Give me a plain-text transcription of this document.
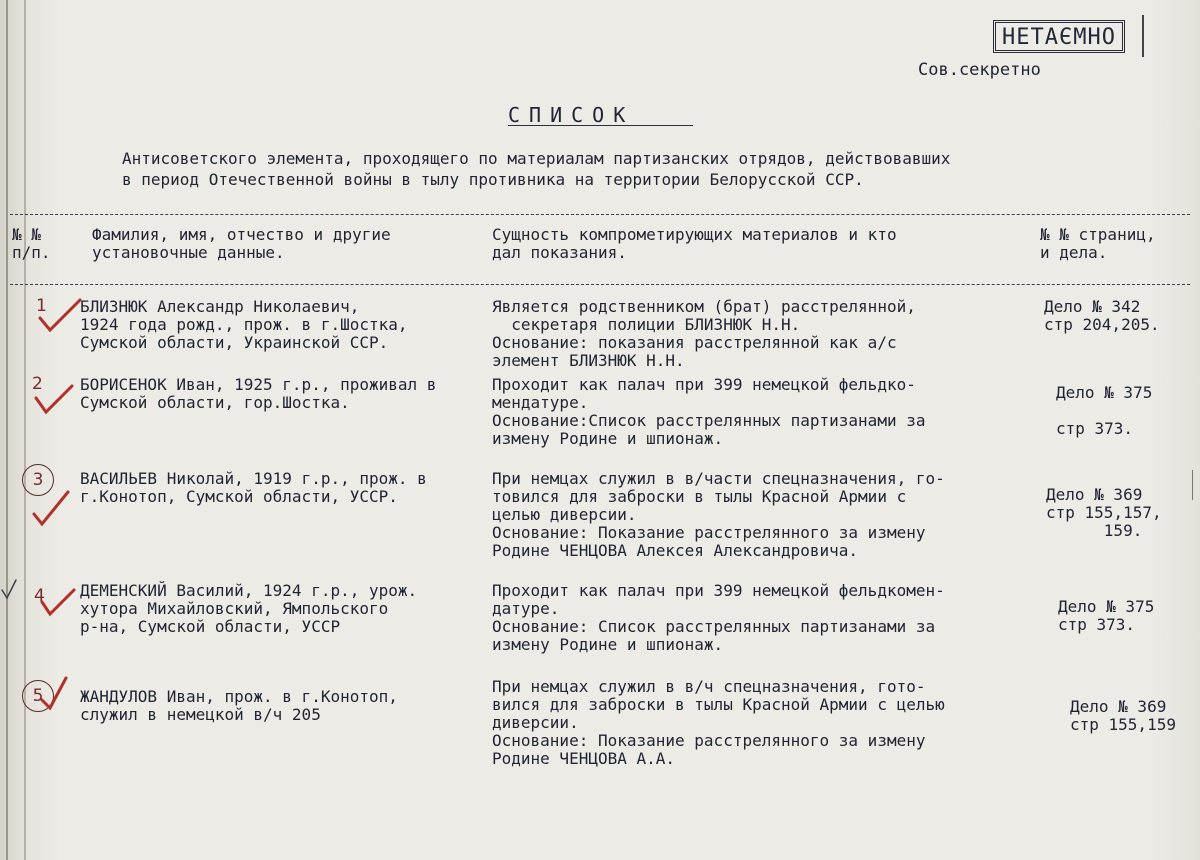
НЕТАЄМНО
Сов.секретно
СПИСОК
Антисоветского элемента, проходящего по материалам партизанских отрядов, действовавших
в период Отечественной войны в тылу противника на территории Белорусской ССР.
№ №
п/п.
Фамилия, имя, отчество и другие
установочные данные.
Сущность компрометирующих материалов и кто
дал показания.
№ № страниц,
и дела.
1 БЛИЗНЮК Александр Николаевич,
1924 года рожд., прож. в г.Шостка,
Сумской области, Украинской ССР.
Является родственником (брат) расстрелянной,
секретаря полиции БЛИЗНЮК Н.Н.
Основание: показания расстрелянной как а/с
элемент БЛИЗНЮК Н.Н.
Дело № 342
стр 204,205.
2 БОРИСЕНОК Иван, 1925 г.р., проживал в
Сумской области, гор.Шостка.
Проходит как палач при 399 немецкой фельдко-
мендатуре.
Основание:Список расстрелянных партизанами за
измену Родине и шпионаж.
Дело № 375

стр 373.
3	ВАСИЛЬЕВ Николай, 1919 г.р., прож. в
г.Конотоп, Сумской области, УССР.
При немцах служил в в/части спецназначения, го-
товился для заброски в тылы Красной Армии с
целью диверсии.
Основание: Показание расстрелянного за измену
Родине ЧЕНЦОВА Алексея Александровича.
Дело № 369
стр 155,157,
159.
4 ДЕМЕНСКИЙ Василий, 1924 г.р., урож.
хутора Михайловский, Ямпольского
р-на, Сумской области, УССР
Проходит как палач при 399 немецкой фельдкомен-
датуре.
Основание: Список расстрелянных партизанами за
измену Родине и шпионаж.
Дело № 375
стр 373.
5	ЖАНДУЛОВ Иван, прож. в г.Конотоп,
служил в немецкой в/ч 205
При немцах служил в в/ч спецназначения, гото-
вился для заброски в тылы Красной Армии с целью
диверсии.
Основание: Показание расстрелянного за измену
Родине ЧЕНЦОВА А.А.
Дело № 369
стр 155,159
